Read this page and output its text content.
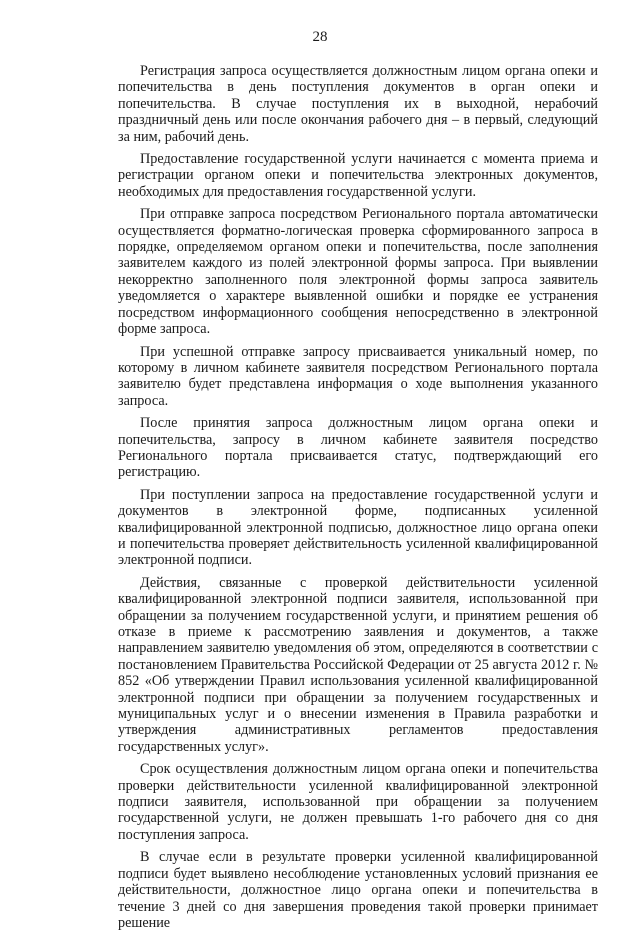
28

Регистрация запроса осуществляется должностным лицом органа опеки и попечительства в день поступления документов в орган опеки и попечительства. В случае поступления их в выходной, нерабочий праздничный день или после окончания рабочего дня – в первый, следующий за ним, рабочий день.

Предоставление государственной услуги начинается с момента приема и регистрации органом опеки и попечительства электронных документов, необходимых для предоставления государственной услуги.

При отправке запроса посредством Регионального портала автоматически осуществляется форматно-логическая проверка сформированного запроса в порядке, определяемом органом опеки и попечительства, после заполнения заявителем каждого из полей электронной формы запроса. При выявлении некорректно заполненного поля электронной формы запроса заявитель уведомляется о характере выявленной ошибки и порядке ее устранения посредством информационного сообщения непосредственно в электронной форме запроса.

При успешной отправке запросу присваивается уникальный номер, по которому в личном кабинете заявителя посредством Регионального портала заявителю будет представлена информация о ходе выполнения указанного запроса.

После принятия запроса должностным лицом органа опеки и попечительства, запросу в личном кабинете заявителя посредство Регионального портала присваивается статус, подтверждающий его регистрацию.

При поступлении запроса на предоставление государственной услуги и документов в электронной форме, подписанных усиленной квалифицированной электронной подписью, должностное лицо органа опеки и попечительства проверяет действительность усиленной квалифицированной электронной подписи.

Действия, связанные с проверкой действительности усиленной квалифицированной электронной подписи заявителя, использованной при обращении за получением государственной услуги, и принятием решения об отказе в приеме к рассмотрению заявления и документов, а также направлением заявителю уведомления об этом, определяются в соответствии с постановлением Правительства Российской Федерации от 25 августа 2012 г. № 852 «Об утверждении Правил использования усиленной квалифицированной электронной подписи при обращении за получением государственных и муниципальных услуг и о внесении изменения в Правила разработки и утверждения административных регламентов предоставления государственных услуг».

Срок осуществления должностным лицом органа опеки и попечительства проверки действительности усиленной квалифицированной электронной подписи заявителя, использованной при обращении за получением государственной услуги, не должен превышать 1-го рабочего дня со дня поступления запроса.

В случае если в результате проверки усиленной квалифицированной подписи будет выявлено несоблюдение установленных условий признания ее действительности, должностное лицо органа опеки и попечительства в течение 3 дней со дня завершения проведения такой проверки принимает решение
